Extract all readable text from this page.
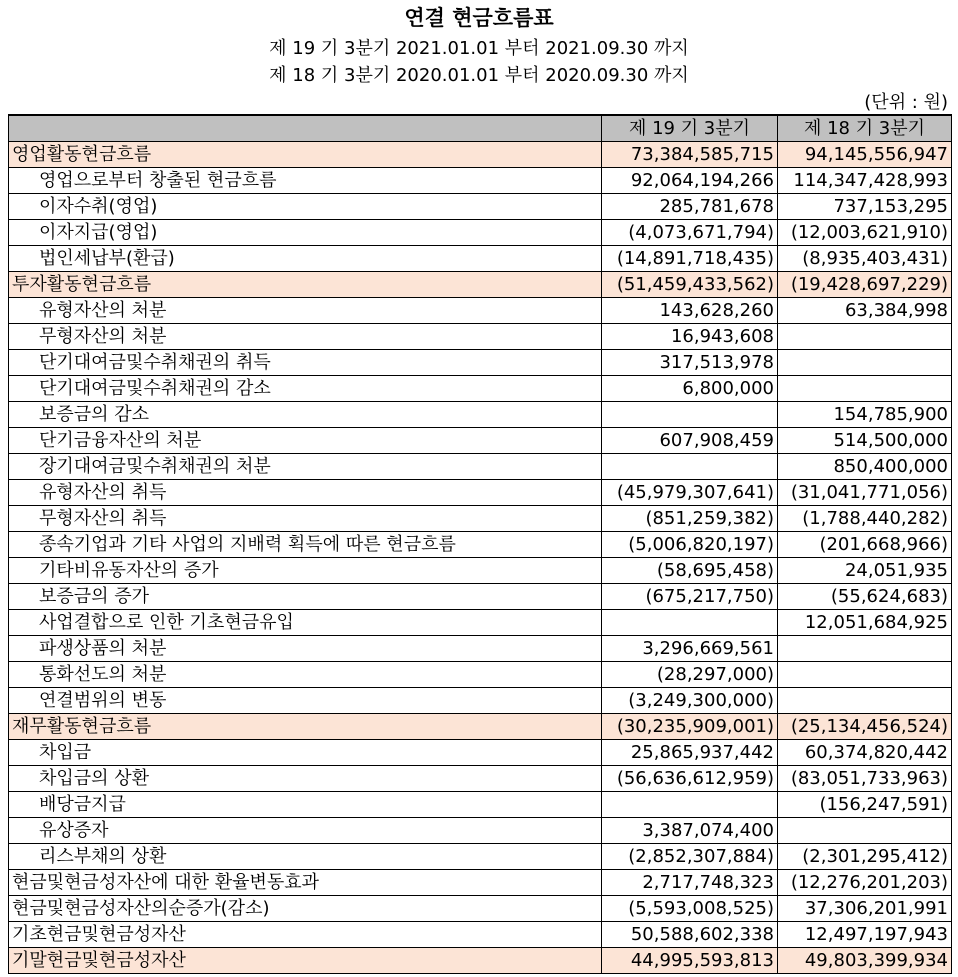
연결 현금흐름표
제 19 기 3분기 2021.01.01 부터 2021.09.30 까지
제 18 기 3분기 2020.01.01 부터 2020.09.30 까지
(단위 : 원)
	제 19 기 3분기	제 18 기 3분기
영업활동현금흐름	73,384,585,715	94,145,556,947
영업으로부터 창출된 현금흐름	92,064,194,266	114,347,428,993
이자수취(영업)	285,781,678	737,153,295
이자지급(영업)	(4,073,671,794)	(12,003,621,910)
법인세납부(환급)	(14,891,718,435)	(8,935,403,431)
투자활동현금흐름	(51,459,433,562)	(19,428,697,229)
유형자산의 처분	143,628,260	63,384,998
무형자산의 처분	16,943,608	
단기대여금및수취채권의 취득	317,513,978	
단기대여금및수취채권의 감소	6,800,000	
보증금의 감소		154,785,900
단기금융자산의 처분	607,908,459	514,500,000
장기대여금및수취채권의 처분		850,400,000
유형자산의 취득	(45,979,307,641)	(31,041,771,056)
무형자산의 취득	(851,259,382)	(1,788,440,282)
종속기업과 기타 사업의 지배력 획득에 따른 현금흐름	(5,006,820,197)	(201,668,966)
기타비유동자산의 증가	(58,695,458)	24,051,935
보증금의 증가	(675,217,750)	(55,624,683)
사업결합으로 인한 기초현금유입		12,051,684,925
파생상품의 처분	3,296,669,561	
통화선도의 처분	(28,297,000)	
연결범위의 변동	(3,249,300,000)	
재무활동현금흐름	(30,235,909,001)	(25,134,456,524)
차입금	25,865,937,442	60,374,820,442
차입금의 상환	(56,636,612,959)	(83,051,733,963)
배당금지급		(156,247,591)
유상증자	3,387,074,400	
리스부채의 상환	(2,852,307,884)	(2,301,295,412)
현금및현금성자산에 대한 환율변동효과	2,717,748,323	(12,276,201,203)
현금및현금성자산의순증가(감소)	(5,593,008,525)	37,306,201,991
기초현금및현금성자산	50,588,602,338	12,497,197,943
기말현금및현금성자산	44,995,593,813	49,803,399,934
